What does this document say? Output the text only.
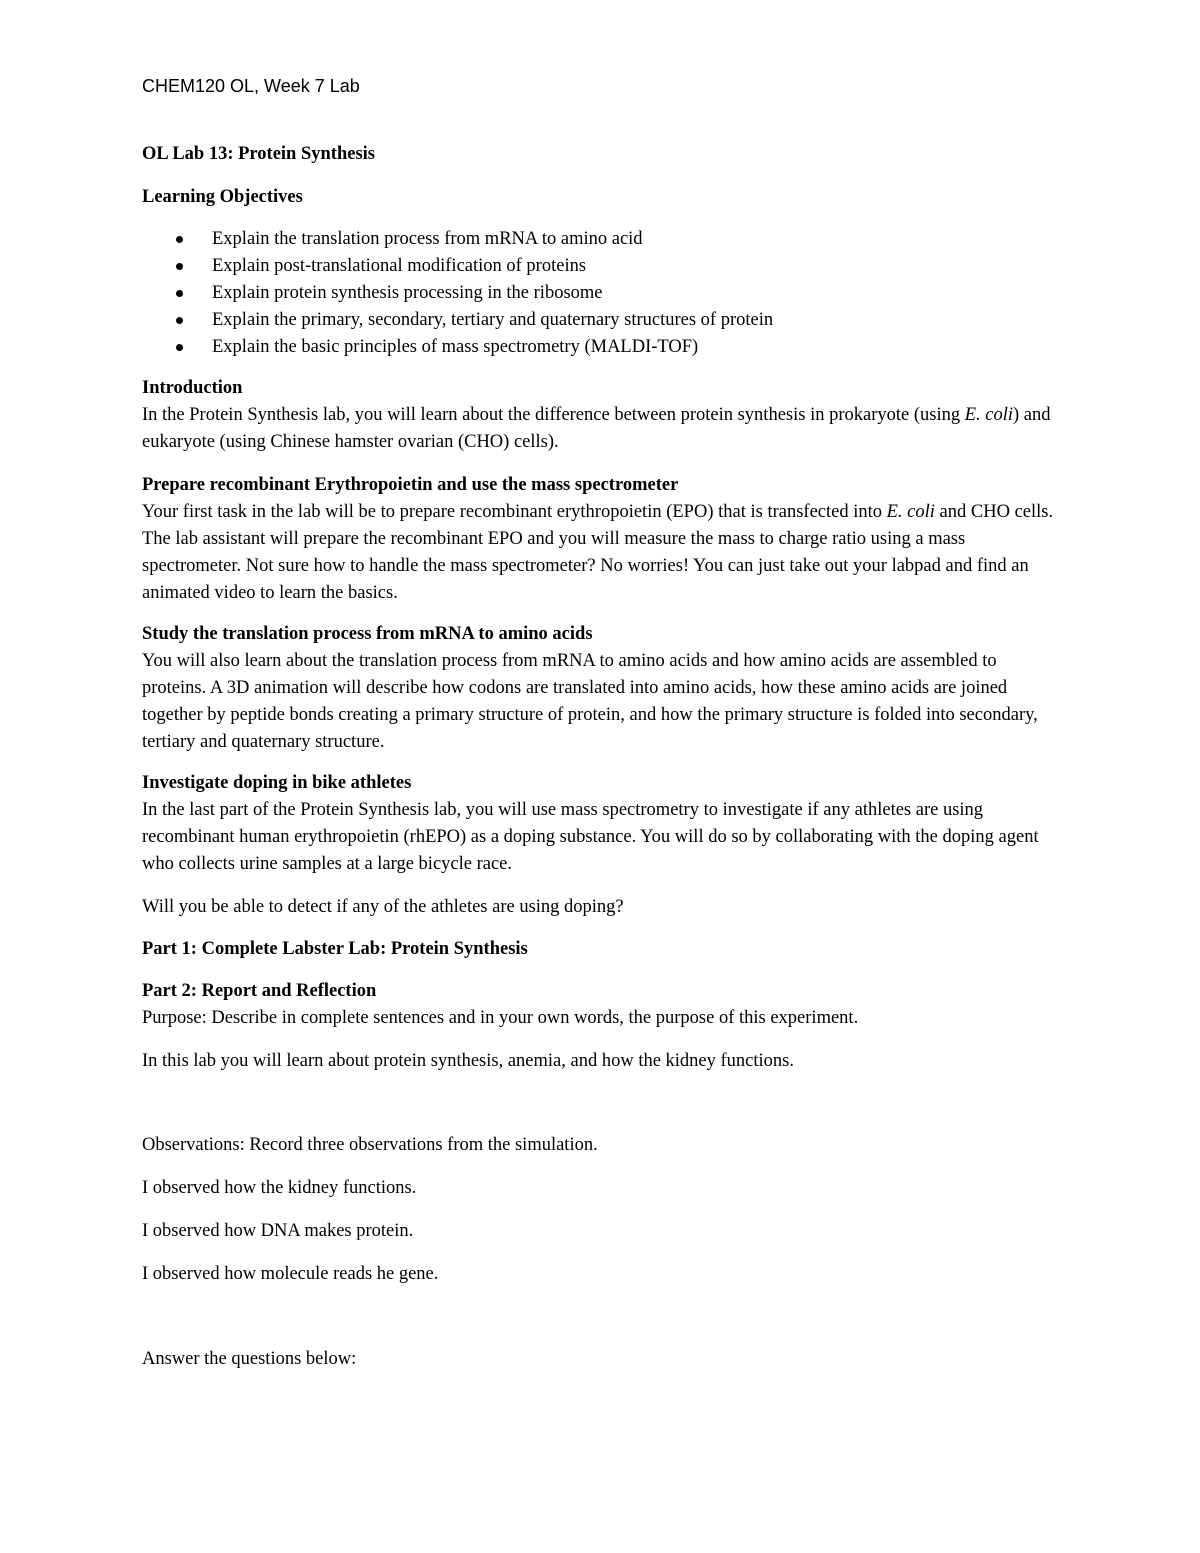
CHEM120 OL, Week 7 Lab
OL Lab 13: Protein Synthesis
Learning Objectives
Explain the translation process from mRNA to amino acid
Explain post-translational modification of proteins
Explain protein synthesis processing in the ribosome
Explain the primary, secondary, tertiary and quaternary structures of protein
Explain the basic principles of mass spectrometry (MALDI-TOF)
Introduction
In the Protein Synthesis lab, you will learn about the difference between protein synthesis in prokaryote (using E. coli) and eukaryote (using Chinese hamster ovarian (CHO) cells).
Prepare recombinant Erythropoietin and use the mass spectrometer
Your first task in the lab will be to prepare recombinant erythropoietin (EPO) that is transfected into E. coli and CHO cells. The lab assistant will prepare the recombinant EPO and you will measure the mass to charge ratio using a mass spectrometer. Not sure how to handle the mass spectrometer? No worries! You can just take out your labpad and find an animated video to learn the basics.
Study the translation process from mRNA to amino acids
You will also learn about the translation process from mRNA to amino acids and how amino acids are assembled to proteins. A 3D animation will describe how codons are translated into amino acids, how these amino acids are joined together by peptide bonds creating a primary structure of protein, and how the primary structure is folded into secondary, tertiary and quaternary structure.
Investigate doping in bike athletes
In the last part of the Protein Synthesis lab, you will use mass spectrometry to investigate if any athletes are using recombinant human erythropoietin (rhEPO) as a doping substance. You will do so by collaborating with the doping agent who collects urine samples at a large bicycle race.
Will you be able to detect if any of the athletes are using doping?
Part 1: Complete Labster Lab: Protein Synthesis
Part 2: Report and Reflection
Purpose: Describe in complete sentences and in your own words, the purpose of this experiment.
In this lab you will learn about protein synthesis, anemia, and how the kidney functions.
Observations: Record three observations from the simulation.
I observed how the kidney functions.
I observed how DNA makes protein.
I observed how molecule reads he gene.
Answer the questions below:
